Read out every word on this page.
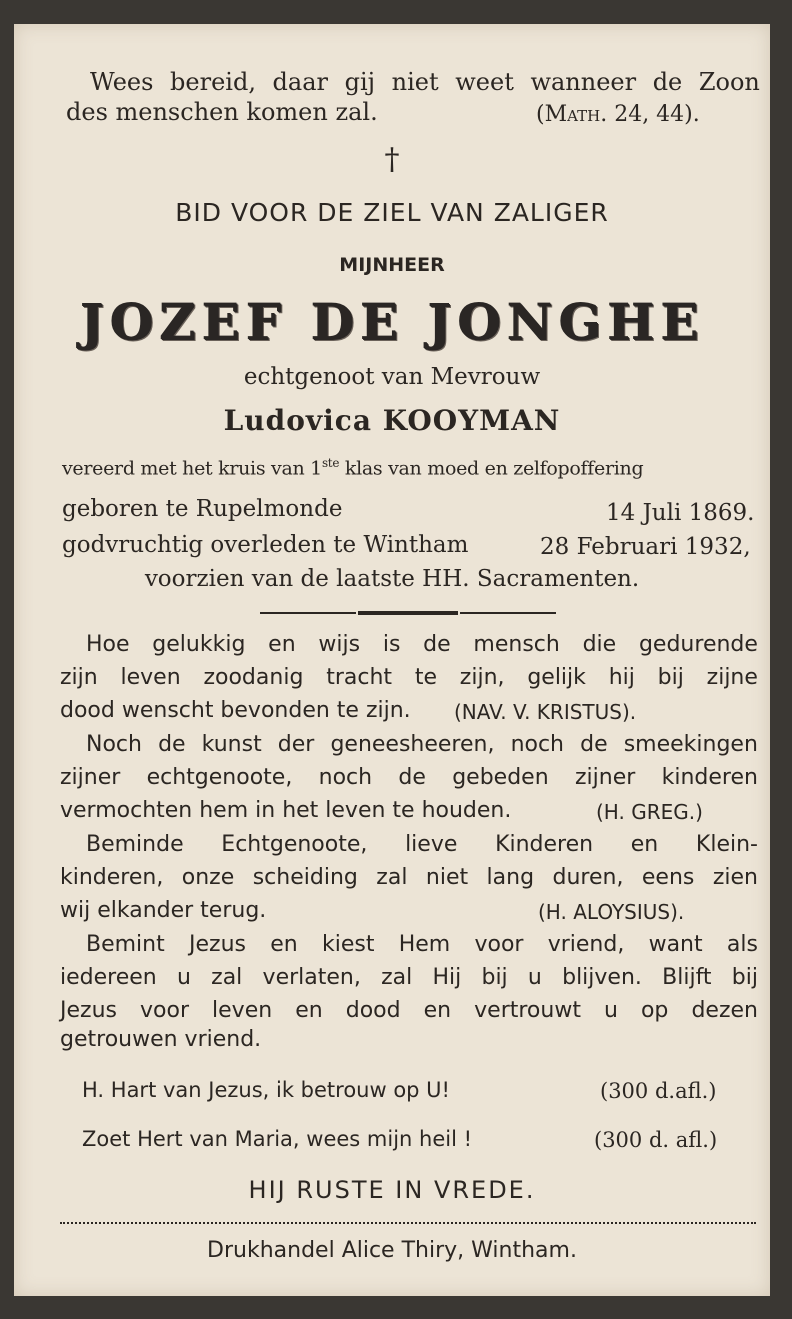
Wees bereid, daar gij niet weet wanneer de Zoon
des menschen komen zal.	(Math. 24, 44).
†
BID VOOR DE ZIEL VAN ZALIGER
MIJNHEER
JOZEF DE JONGHE
echtgenoot van Mevrouw
Ludovica KOOYMAN
vereerd met het kruis van 1ste klas van moed en zelfopoffering
geboren te Rupelmonde	14 Juli 1869.
godvruchtig overleden te Wintham	28 Februari 1932,
voorzien van de laatste HH. Sacramenten.
Hoe gelukkig en wijs is de mensch die gedurende
zijn leven zoodanig tracht te zijn, gelijk hij bij zijne
dood wenscht bevonden te zijn. (NAV. V. KRISTUS).
Noch de kunst der geneesheeren, noch de smeekingen
zijner echtgenoote, noch de gebeden zijner kinderen
vermochten hem in het leven te houden.	(H. GREG.)
Beminde Echtgenoote, lieve Kinderen en Klein-
kinderen, onze scheiding zal niet lang duren, eens zien
wij elkander terug.	(H. ALOYSIUS).
Bemint Jezus en kiest Hem voor vriend, want als
iedereen u zal verlaten, zal Hij bij u blijven. Blijft bij
Jezus voor leven en dood en vertrouwt u op dezen
getrouwen vriend.
H. Hart van Jezus, ik betrouw op U!	(300 d.afl.)
Zoet Hert van Maria, wees mijn heil !	(300 d. afl.)
HIJ RUSTE IN VREDE.
Drukhandel Alice Thiry, Wintham.
